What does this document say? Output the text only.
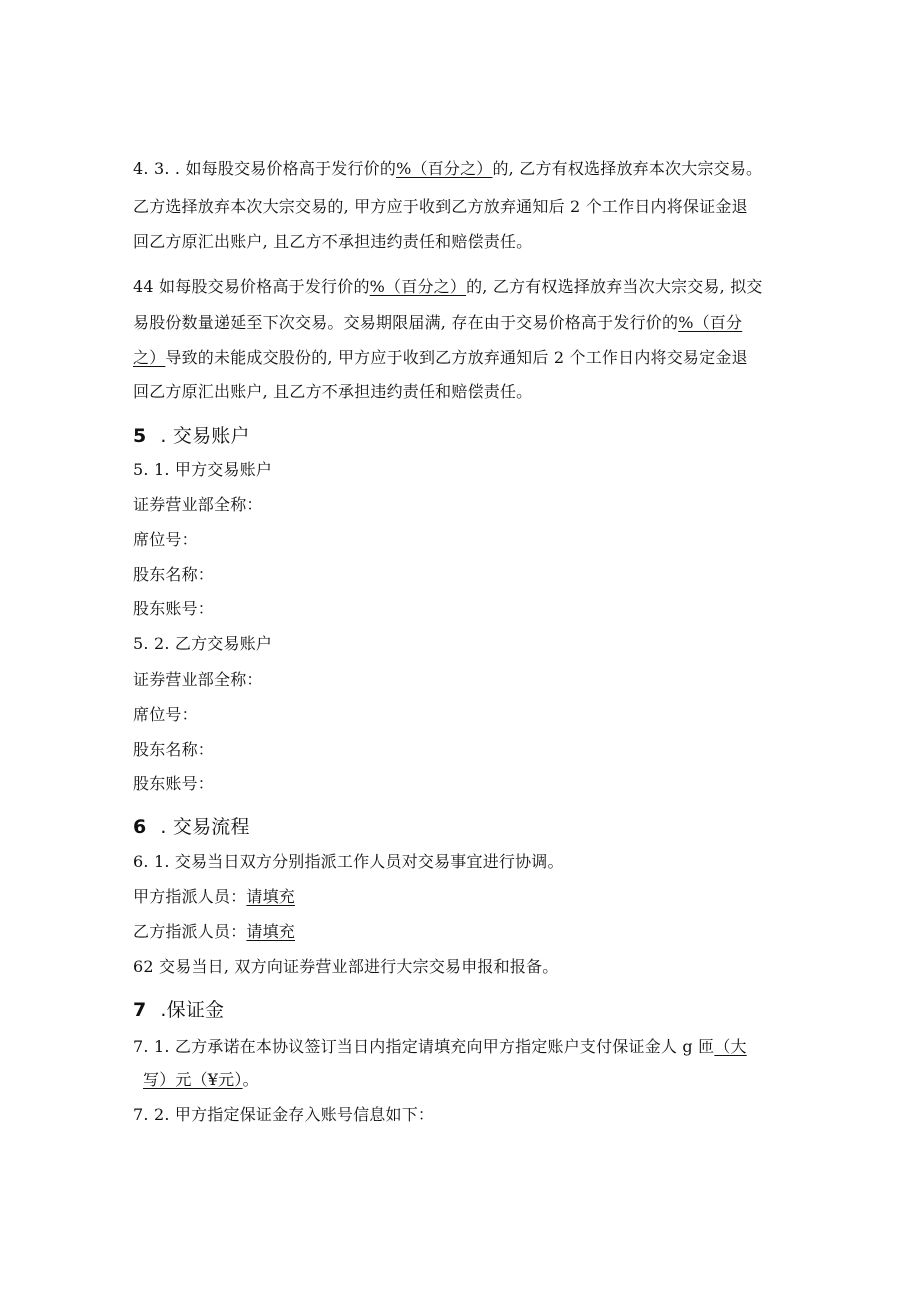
4. 3. . 如每股交易价格高于发行价的%（百分之）的, 乙方有权选择放弃本次大宗交易。
乙方选择放弃本次大宗交易的, 甲方应于收到乙方放弃通知后 2 个工作日内将保证金退
回乙方原汇出账户, 且乙方不承担违约责任和赔偿责任。
44 如每股交易价格高于发行价的%（百分之）的, 乙方有权选择放弃当次大宗交易, 拟交
易股份数量递延至下次交易。交易期限届满, 存在由于交易价格高于发行价的%（百分
之）导致的未能成交股份的, 甲方应于收到乙方放弃通知后 2 个工作日内将交易定金退
回乙方原汇出账户, 且乙方不承担违约责任和赔偿责任。
5 . 交易账户
5. 1. 甲方交易账户
证券营业部全称：
席位号：
股东名称：
股东账号：
5. 2. 乙方交易账户
证券营业部全称：
席位号：
股东名称：
股东账号：
6 . 交易流程
6. 1. 交易当日双方分别指派工作人员对交易事宜进行协调。
甲方指派人员：请填充
乙方指派人员：请填充
62 交易当日, 双方向证券营业部进行大宗交易申报和报备。
7 .保证金
7. 1. 乙方承诺在本协议签订当日内指定请填充向甲方指定账户支付保证金人 g 匝（大
写）元（¥元）。
7. 2. 甲方指定保证金存入账号信息如下：
